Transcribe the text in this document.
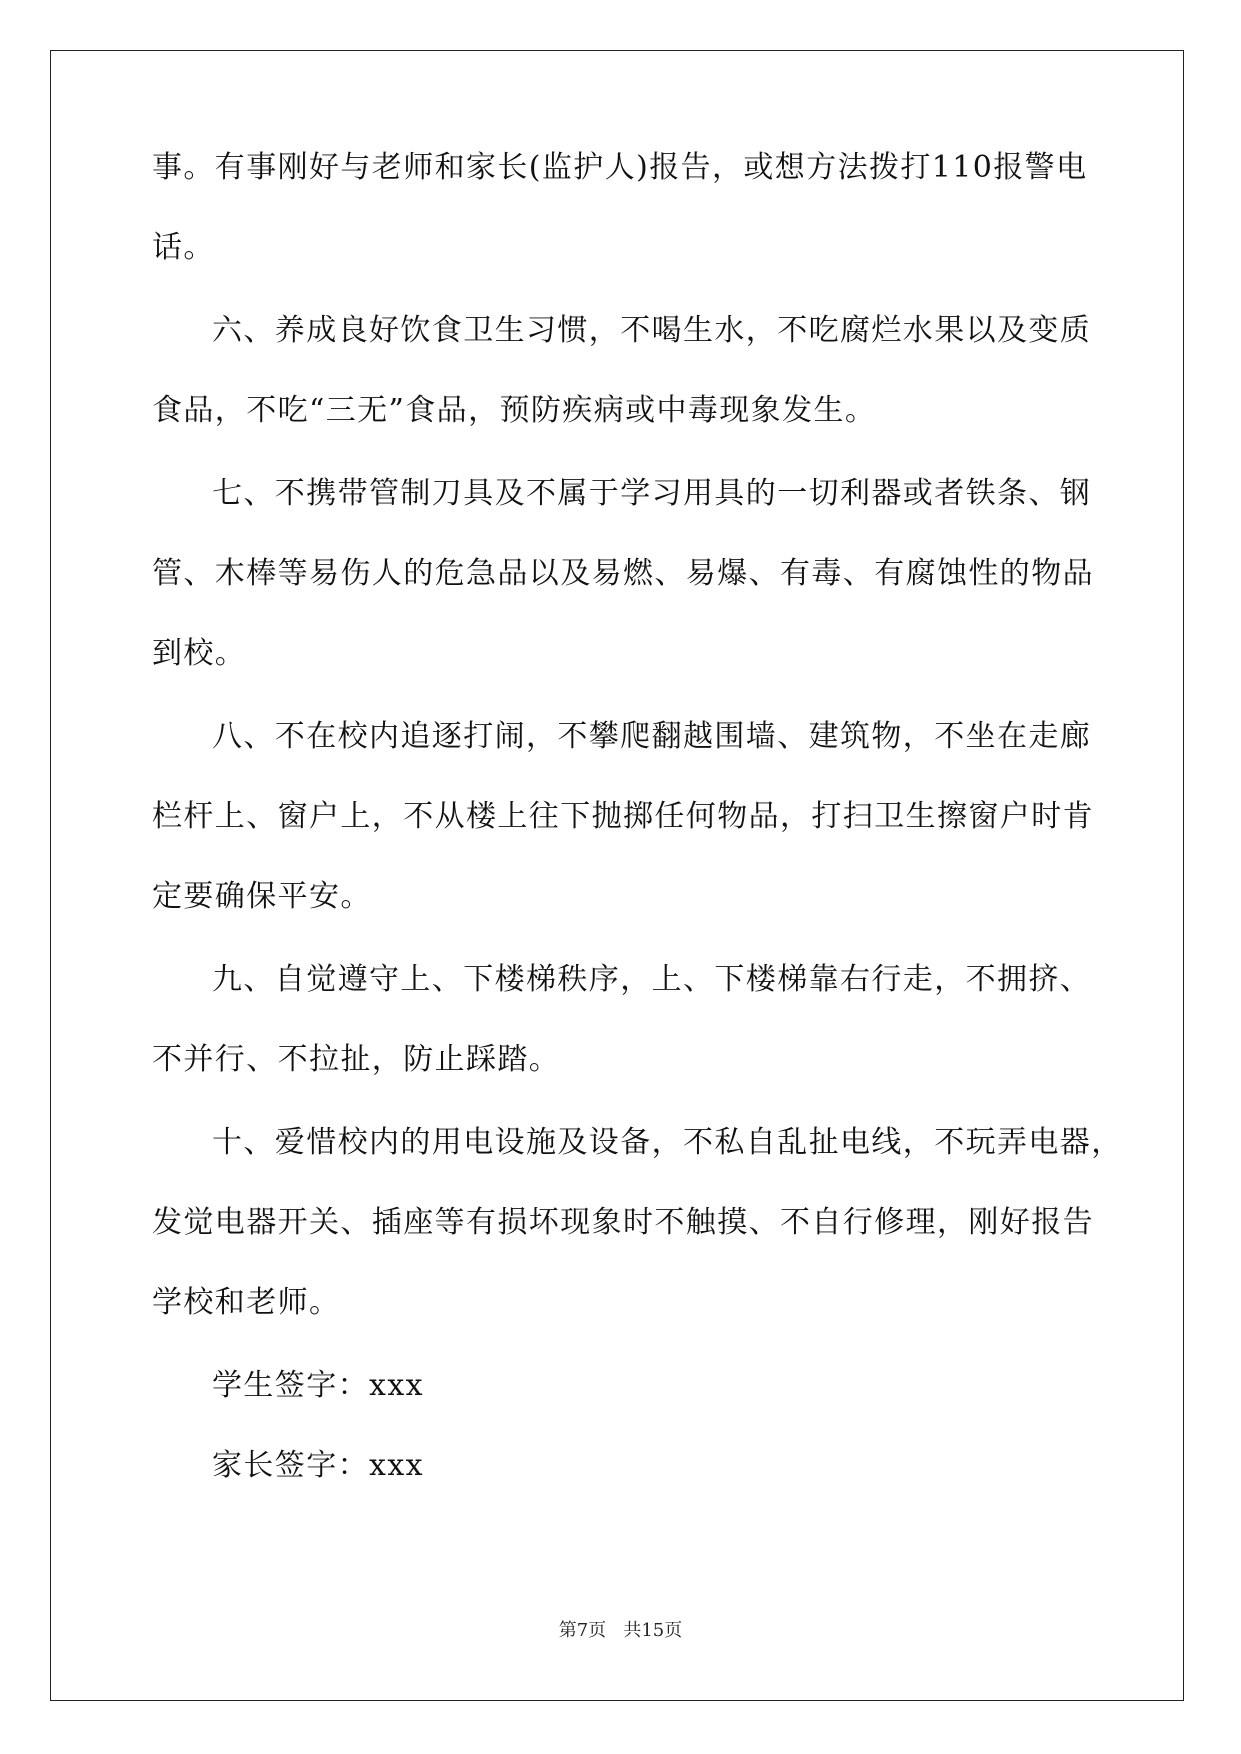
事。有事刚好与老师和家长(监护人)报告，或想方法拨打110报警电
话。
六、养成良好饮食卫生习惯，不喝生水，不吃腐烂水果以及变质
食品，不吃“三无”食品，预防疾病或中毒现象发生。
七、不携带管制刀具及不属于学习用具的一切利器或者铁条、钢
管、木棒等易伤人的危急品以及易燃、易爆、有毒、有腐蚀性的物品
到校。
八、不在校内追逐打闹，不攀爬翻越围墙、建筑物，不坐在走廊
栏杆上、窗户上，不从楼上往下抛掷任何物品，打扫卫生擦窗户时肯
定要确保平安。
九、自觉遵守上、下楼梯秩序，上、下楼梯靠右行走，不拥挤、
不并行、不拉扯，防止踩踏。
十、爱惜校内的用电设施及设备，不私自乱扯电线，不玩弄电器，
发觉电器开关、插座等有损坏现象时不触摸、不自行修理，刚好报告
学校和老师。
学生签字：xxx
家长签字：xxx
第7页   共15页
